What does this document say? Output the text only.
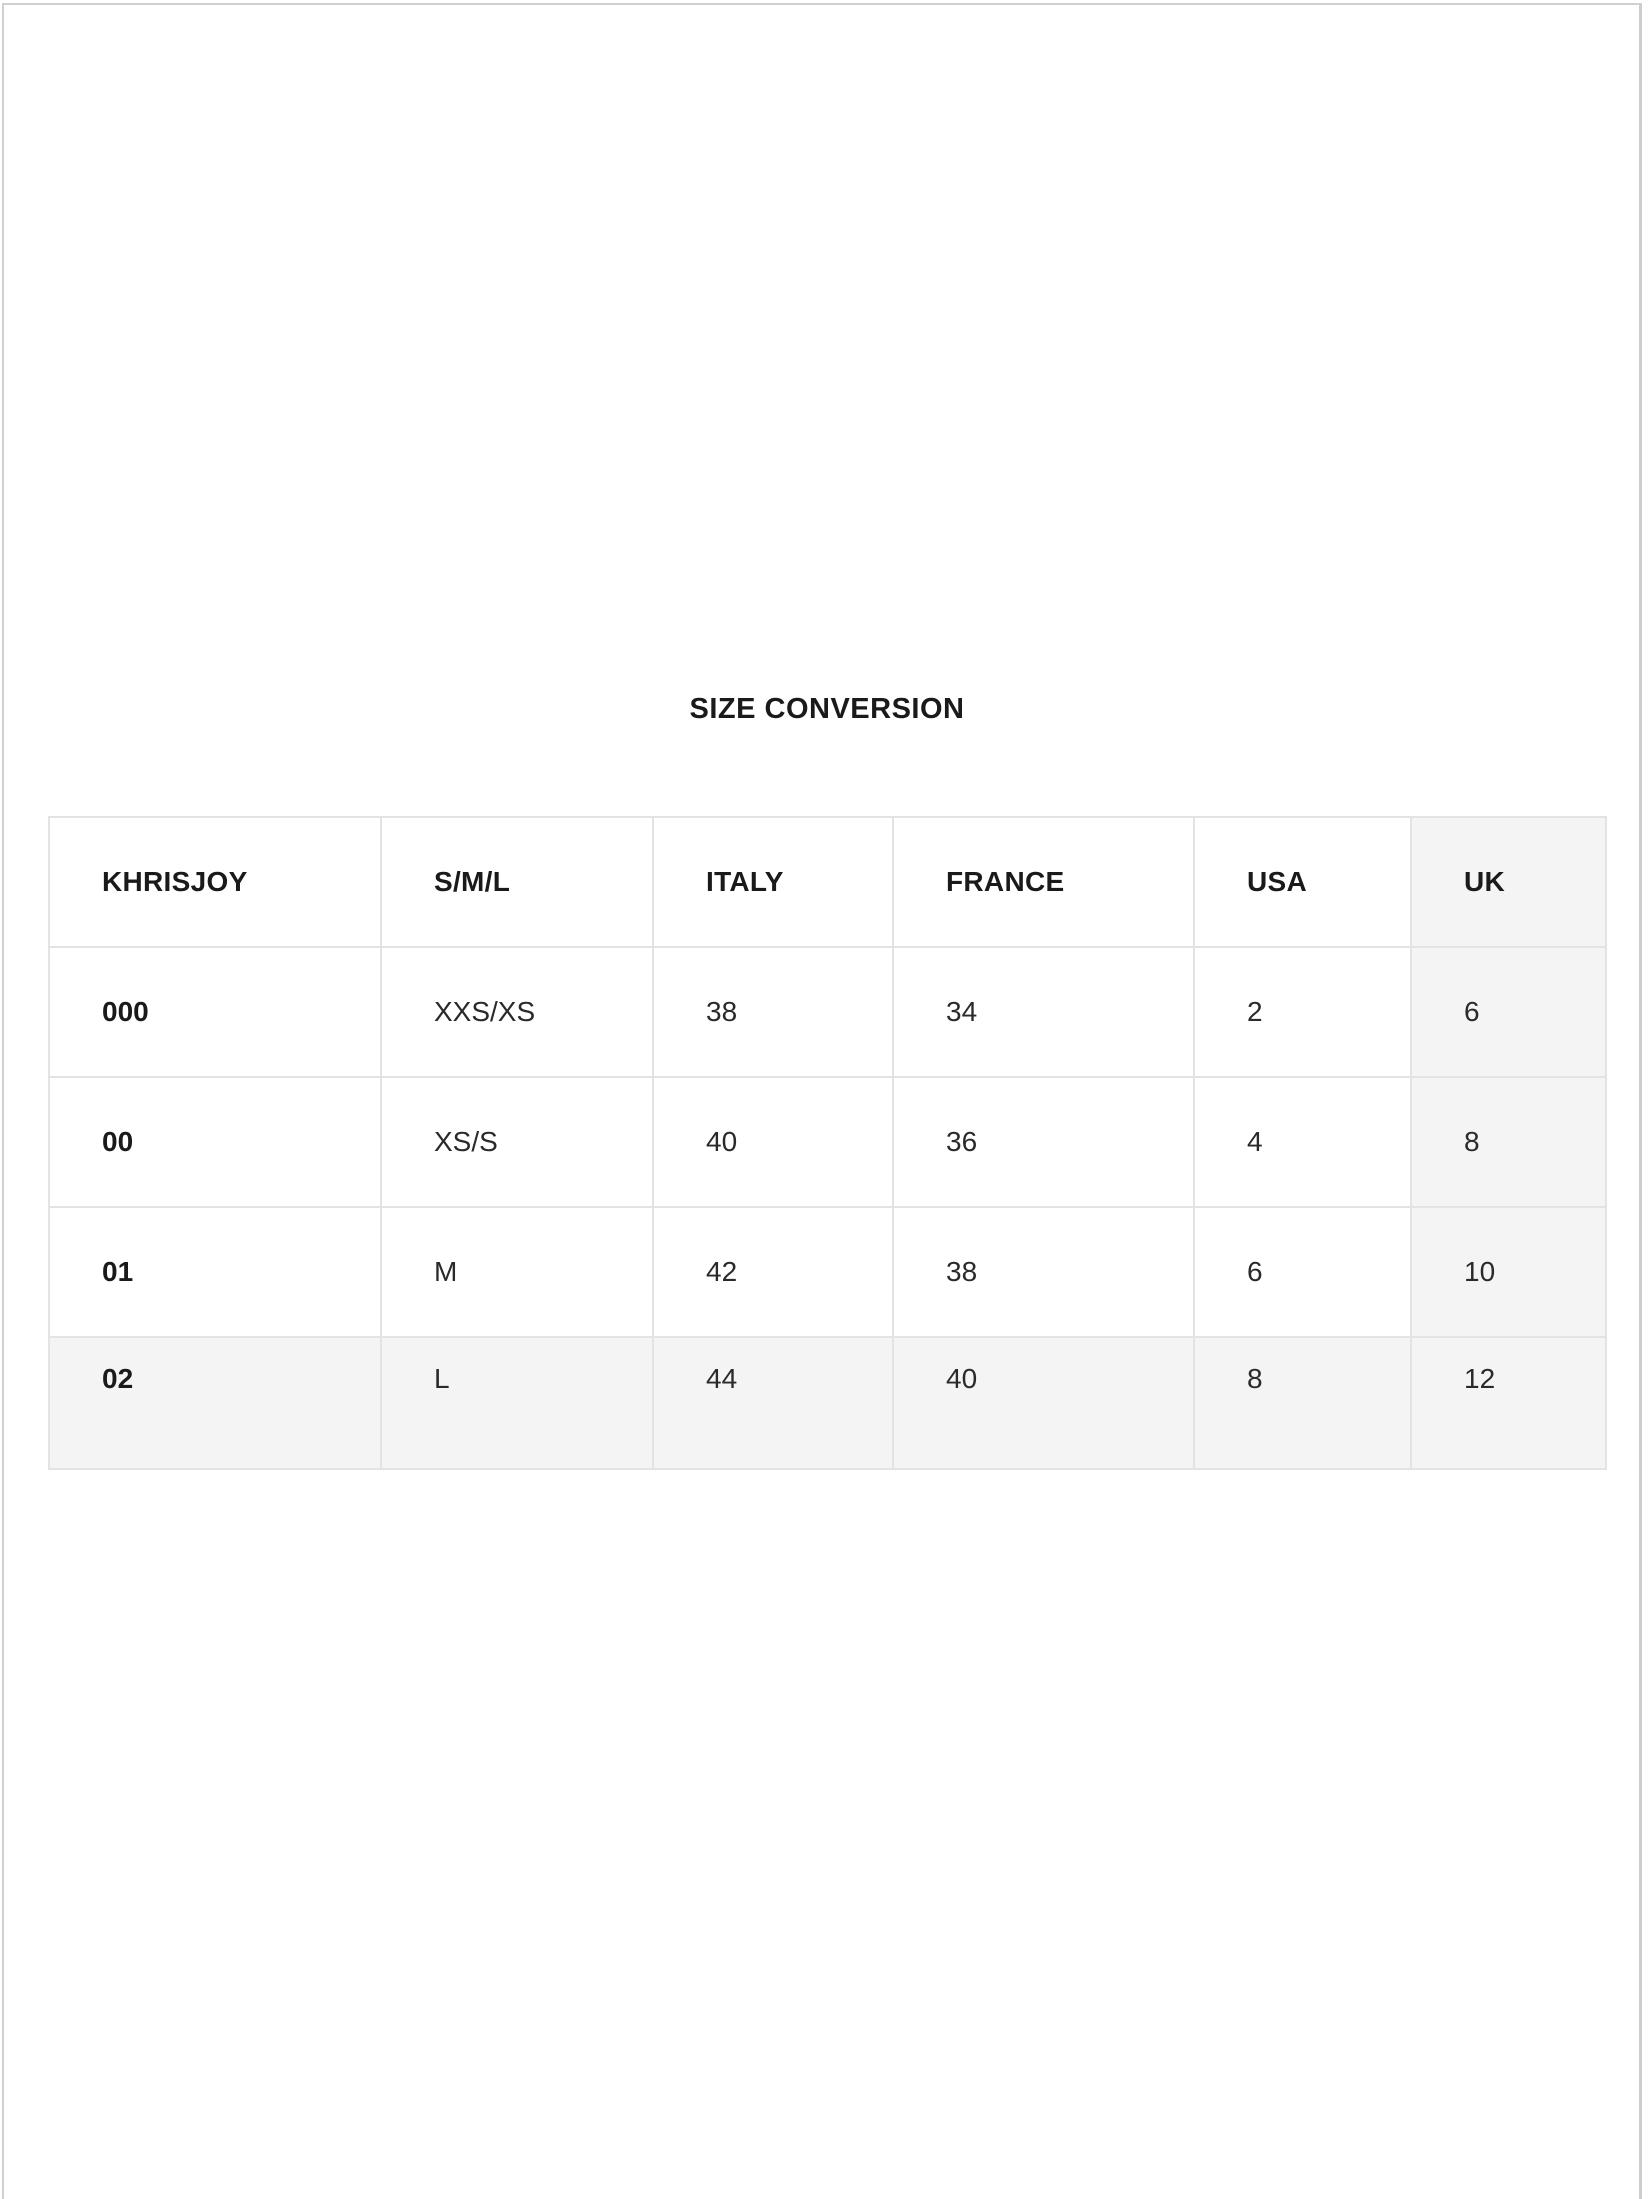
SIZE CONVERSION
KHRISJOY	S/M/L	ITALY	FRANCE	USA	UK
000	XXS/XS	38	34	2	6
00	XS/S	40	36	4	8
01	M	42	38	6	10
02	L	44	40	8	12
